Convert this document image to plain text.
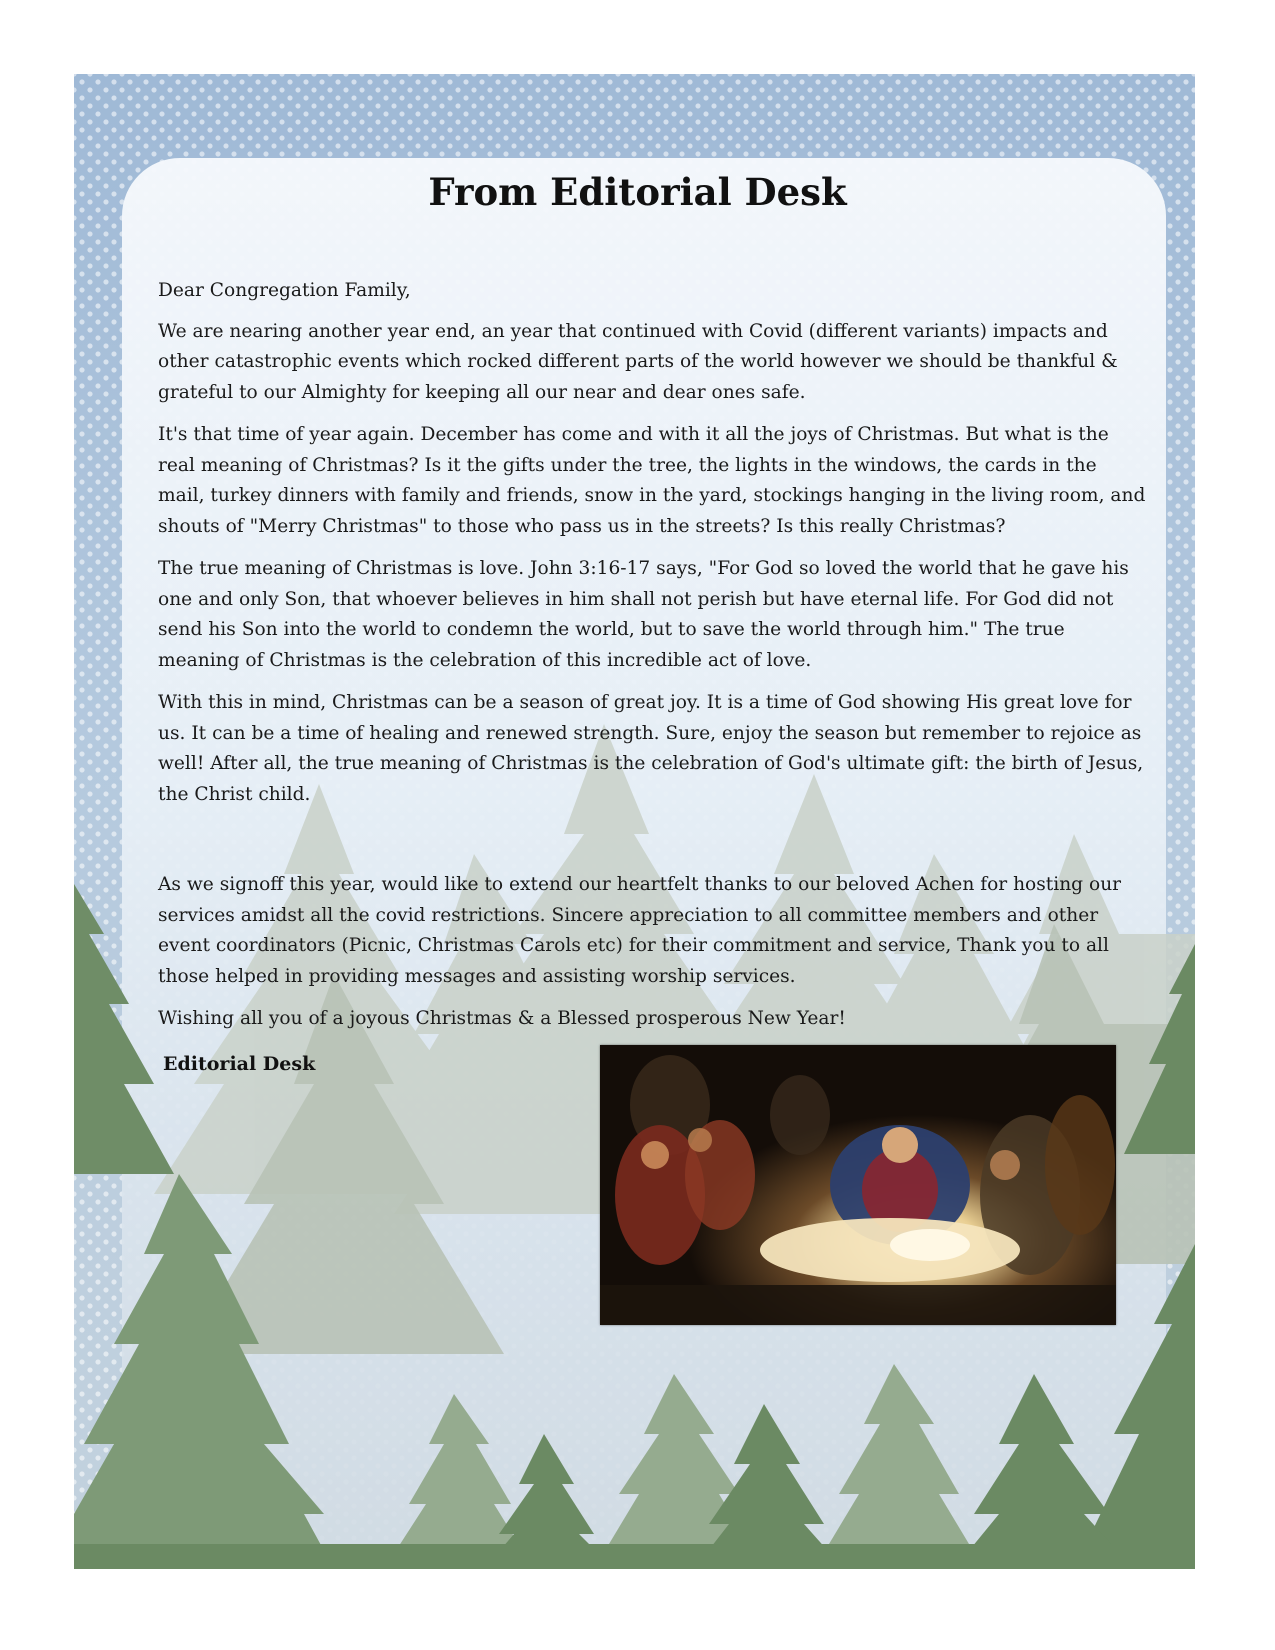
From Editorial Desk

Dear Congregation Family,

We are nearing another year end, an year that continued with Covid (different variants) impacts and other catastrophic events which rocked different parts of the world however we should be thankful & grateful to our Almighty for keeping all our near and dear ones safe.

It's that time of year again. December has come and with it all the joys of Christmas. But what is the real meaning of Christmas? Is it the gifts under the tree, the lights in the windows, the cards in the mail, turkey dinners with family and friends, snow in the yard, stockings hanging in the living room, and shouts of "Merry Christmas" to those who pass us in the streets? Is this really Christmas?

The true meaning of Christmas is love. John 3:16-17 says, "For God so loved the world that he gave his one and only Son, that whoever believes in him shall not perish but have eternal life. For God did not send his Son into the world to condemn the world, but to save the world through him." The true meaning of Christmas is the celebration of this incredible act of love.

With this in mind, Christmas can be a season of great joy. It is a time of God showing His great love for us. It can be a time of healing and renewed strength. Sure, enjoy the season but remember to rejoice as well! After all, the true meaning of Christmas is the celebration of God's ultimate gift: the birth of Jesus, the Christ child.

As we signoff this year, would like to extend our heartfelt thanks to our beloved Achen for hosting our services amidst all the covid restrictions. Sincere appreciation to all committee members and other event coordinators (Picnic, Christmas Carols etc) for their commitment and service, Thank you to all those helped in providing messages and assisting worship services.

Wishing all you of a joyous Christmas & a Blessed prosperous New Year!

Editorial Desk
